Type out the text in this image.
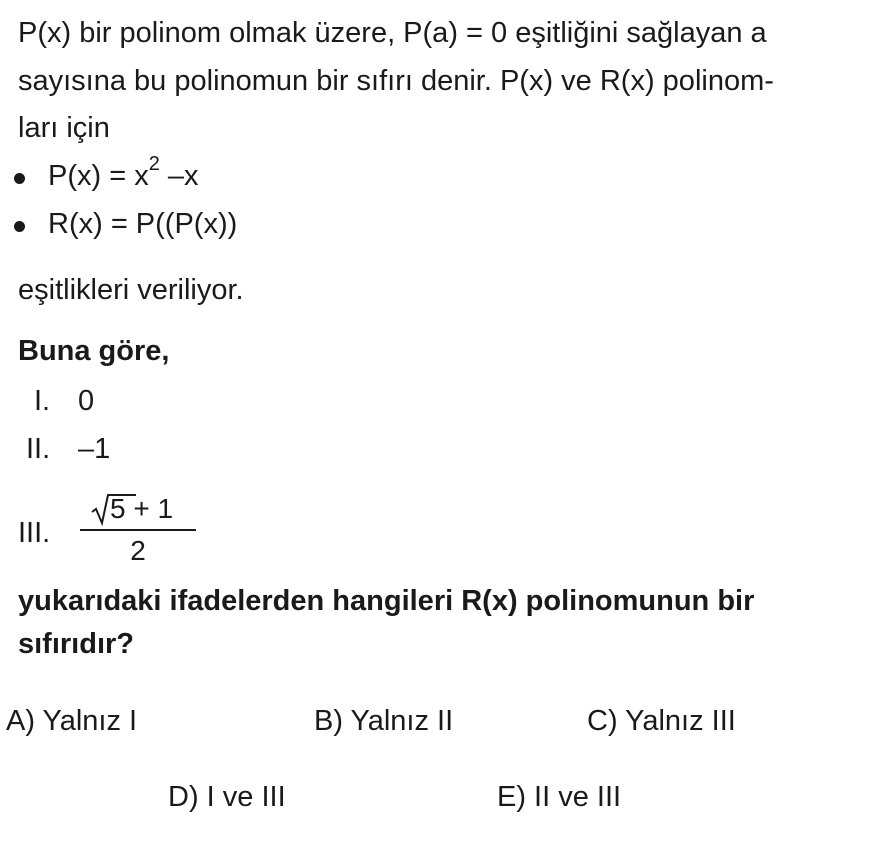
P(x) bir polinom olmak üzere, P(a) = 0 eşitliğini sağlayan a
sayısına bu polinomun bir sıfırı denir. P(x) ve R(x) polinom-
ları için
$P(x) = x^2$ –x
R(x) = P((P(x))
eşitlikleri veriliyor.
Buna göre,
I. 0
II. –1
III.
5 + 1
2
yukarıdaki ifadelerden hangileri R(x) polinomunun bir
sıfırıdır?
A) Yalnız I	B) Yalnız II	C) Yalnız III
D) I ve III	E) II ve III
